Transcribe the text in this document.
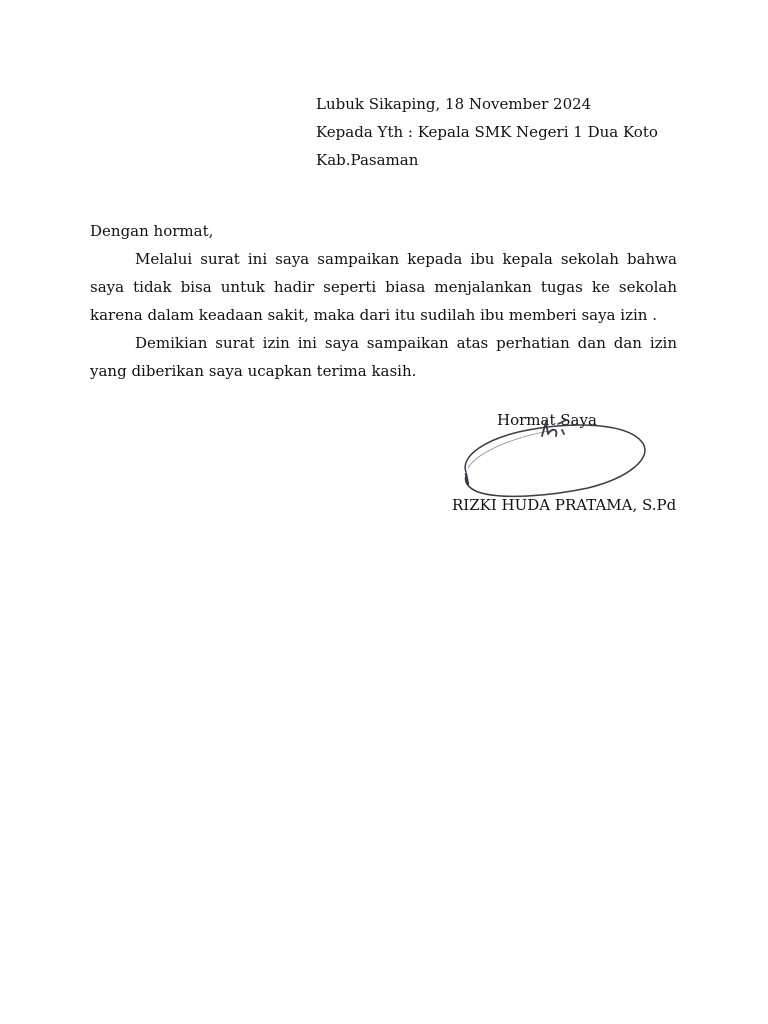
Lubuk Sikaping, 18 November 2024
Kepada Yth : Kepala SMK Negeri 1 Dua Koto
Kab.Pasaman
Dengan hormat,

Melalui surat ini saya sampaikan kepada ibu kepala sekolah bahwa saya tidak bisa untuk hadir seperti biasa menjalankan tugas ke sekolah karena dalam keadaan sakit, maka dari itu sudilah ibu memberi saya izin .

Demikian surat izin ini saya sampaikan atas perhatian dan dan izin yang diberikan saya ucapkan terima kasih.

Hormat Saya
RIZKI HUDA PRATAMA, S.Pd
